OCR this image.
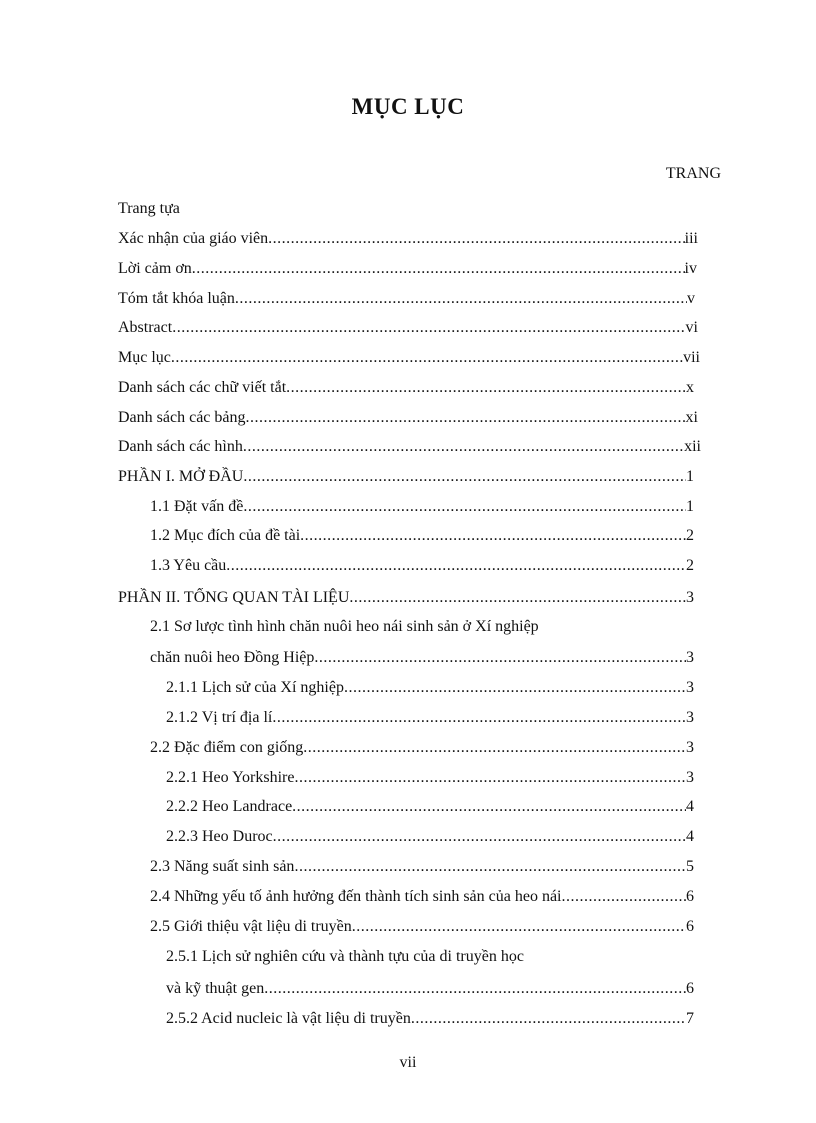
MỤC LỤC
TRANG
Trang tựa
Xác nhận của giáo viên .....	iii
Lời cảm ơn .....	iv
Tóm tắt khóa luận .....	v
Abstract .....	vi
Mục lục .....	vii
Danh sách các chữ viết tắt .....	x
Danh sách các bảng .....	xi
Danh sách các hình .....	xii
PHẦN I. MỞ ĐẦU .....	1
1.1 Đặt vấn đề .....	1
1.2 Mục đích của đề tài .....	2
1.3 Yêu cầu .....	2
PHẦN II. TỔNG QUAN TÀI LIỆU .....	3
2.1 Sơ lược tình hình chăn nuôi heo nái sinh sản ở Xí nghiệp
chăn nuôi heo Đồng Hiệp .....	3
2.1.1 Lịch sử của Xí nghiệp .....	3
2.1.2 Vị trí địa lí .....	3
2.2 Đặc điểm con giống .....	3
2.2.1 Heo Yorkshire .....	3
2.2.2 Heo Landrace .....	4
2.2.3 Heo Duroc .....	4
2.3 Năng suất sinh sản .....	5
2.4 Những yếu tố ảnh hưởng đến thành tích sinh sản của heo nái .....	6
2.5 Giới thiệu vật liệu di truyền .....	6
2.5.1 Lịch sử nghiên cứu và thành tựu của di truyền học
và kỹ thuật gen .....	6
2.5.2 Acid nucleic là vật liệu di truyền .....	7
vii
